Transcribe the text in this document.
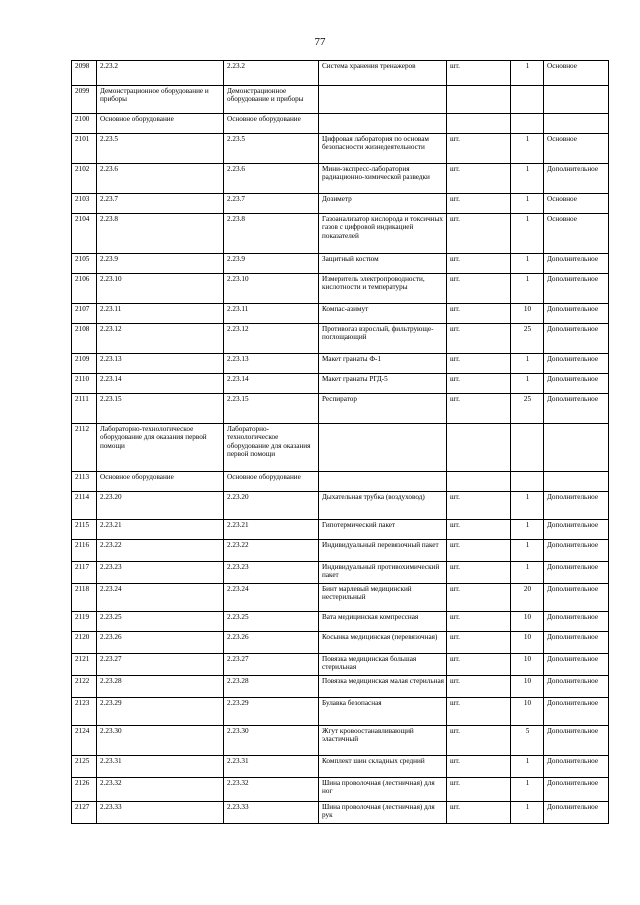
77
2098	2.23.2	2.23.2	Система хранения тренажеров	шт.	1	Основное
2099	Демонстрационное оборудование и приборы	Демонстрационное оборудование и приборы				
2100	Основное оборудование	Основное оборудование				
2101	2.23.5	2.23.5	Цифровая лаборатория по основам безопасности жизнедеятельности	шт.	1	Основное
2102	2.23.6	2.23.6	Мини-экспресс-лаборатория радиационно-химической разведки	шт.	1	Дополнительное
2103	2.23.7	2.23.7	Дозиметр	шт.	1	Основное
2104	2.23.8	2.23.8	Газоанализатор кислорода и токсичных газов с цифровой индикацией показателей	шт.	1	Основное
2105	2.23.9	2.23.9	Защитный костюм	шт.	1	Дополнительное
2106	2.23.10	2.23.10	Измеритель электропроводности, кислотности и температуры	шт.	1	Дополнительное
2107	2.23.11	2.23.11	Компас-азимут	шт.	10	Дополнительное
2108	2.23.12	2.23.12	Противогаз взрослый, фильтрующе-поглощающий	шт.	25	Дополнительное
2109	2.23.13	2.23.13	Макет гранаты Ф-1	шт.	1	Дополнительное
2110	2.23.14	2.23.14	Макет гранаты РГД-5	шт.	1	Дополнительное
2111	2.23.15	2.23.15	Респиратор	шт.	25	Дополнительное
2112	Лабораторно-технологическое оборудование для оказания первой помощи	Лабораторно-технологическое оборудование для оказания первой помощи				
2113	Основное оборудование	Основное оборудование				
2114	2.23.20	2.23.20	Дыхательная трубка (воздуховод)	шт.	1	Дополнительное
2115	2.23.21	2.23.21	Гипотермический пакет	шт.	1	Дополнительное
2116	2.23.22	2.23.22	Индивидуальный перевязочный пакет	шт.	1	Дополнительное
2117	2.23.23	2.23.23	Индивидуальный противохимический пакет	шт.	1	Дополнительное
2118	2.23.24	2.23.24	Бинт марлевый медицинский нестерильный	шт.	20	Дополнительное
2119	2.23.25	2.23.25	Вата медицинская компрессная	шт.	10	Дополнительное
2120	2.23.26	2.23.26	Косынка медицинская (перевязочная)	шт.	10	Дополнительное
2121	2.23.27	2.23.27	Повязка медицинская большая стерильная	шт.	10	Дополнительное
2122	2.23.28	2.23.28	Повязка медицинская малая стерильная	шт.	10	Дополнительное
2123	2.23.29	2.23.29	Булавка безопасная	шт.	10	Дополнительное
2124	2.23.30	2.23.30	Жгут кровоостанавливающий эластичный	шт.	5	Дополнительное
2125	2.23.31	2.23.31	Комплект шин складных средний	шт.	1	Дополнительное
2126	2.23.32	2.23.32	Шина проволочная (лестничная) для ног	шт.	1	Дополнительное
2127	2.23.33	2.23.33	Шина проволочная (лестничная) для рук	шт.	1	Дополнительное
